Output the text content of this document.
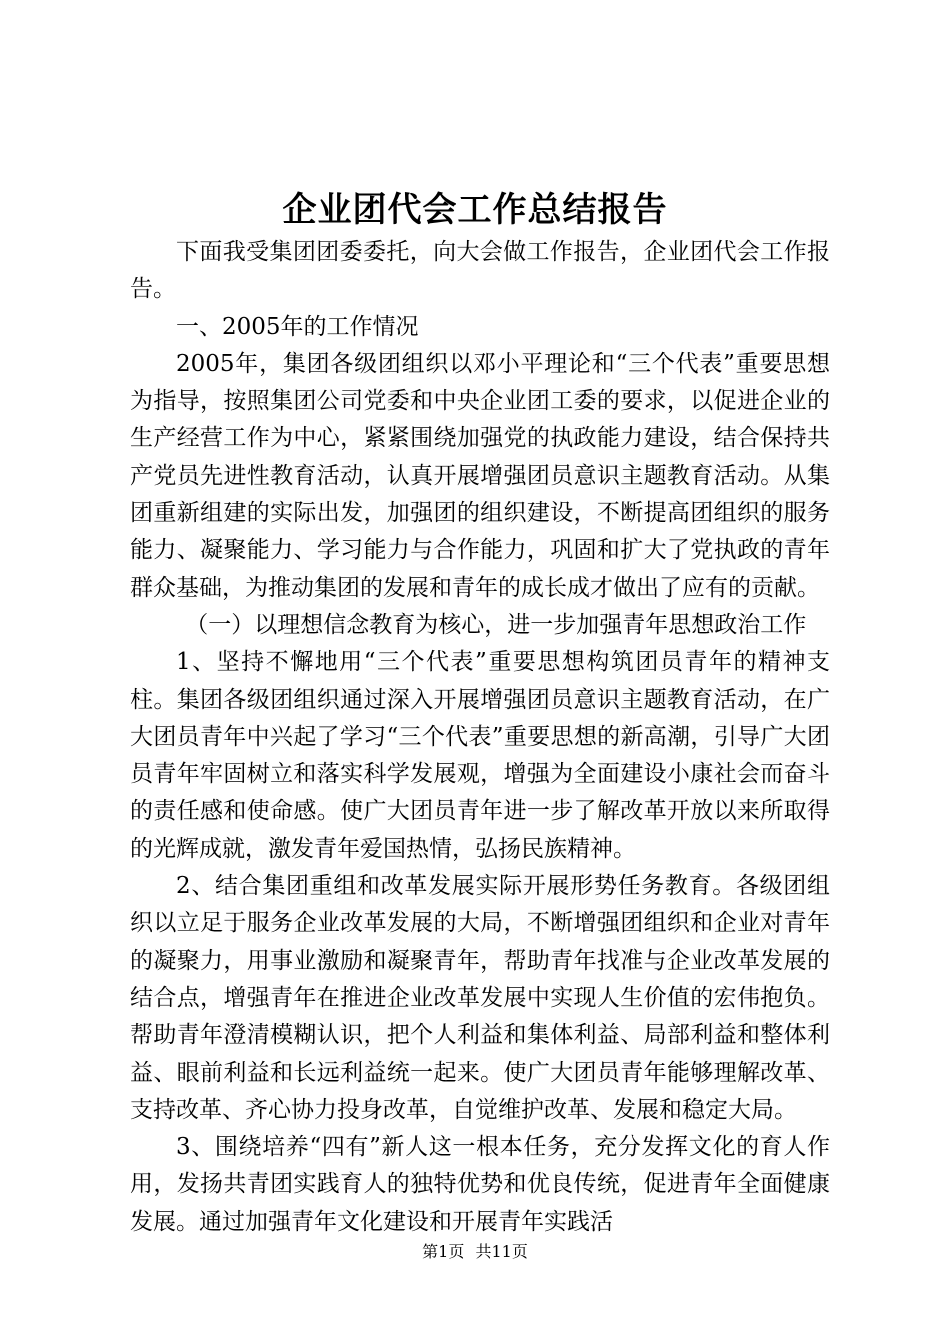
企业团代会工作总结报告

下面我受集团团委委托，向大会做工作报告，企业团代会工作报告。

一、2005年的工作情况

2005年，集团各级团组织以邓小平理论和“三个代表”重要思想为指导，按照集团公司党委和中央企业团工委的要求，以促进企业的生产经营工作为中心，紧紧围绕加强党的执政能力建设，结合保持共产党员先进性教育活动，认真开展增强团员意识主题教育活动。从集团重新组建的实际出发，加强团的组织建设，不断提高团组织的服务能力、凝聚能力、学习能力与合作能力，巩固和扩大了党执政的青年群众基础，为推动集团的发展和青年的成长成才做出了应有的贡献。

（一）以理想信念教育为核心，进一步加强青年思想政治工作

1、坚持不懈地用“三个代表”重要思想构筑团员青年的精神支柱。集团各级团组织通过深入开展增强团员意识主题教育活动，在广大团员青年中兴起了学习“三个代表”重要思想的新高潮，引导广大团员青年牢固树立和落实科学发展观，增强为全面建设小康社会而奋斗的责任感和使命感。使广大团员青年进一步了解改革开放以来所取得的光辉成就，激发青年爱国热情，弘扬民族精神。

2、结合集团重组和改革发展实际开展形势任务教育。各级团组织以立足于服务企业改革发展的大局，不断增强团组织和企业对青年的凝聚力，用事业激励和凝聚青年，帮助青年找准与企业改革发展的结合点，增强青年在推进企业改革发展中实现人生价值的宏伟抱负。帮助青年澄清模糊认识，把个人利益和集体利益、局部利益和整体利益、眼前利益和长远利益统一起来。使广大团员青年能够理解改革、支持改革、齐心协力投身改革，自觉维护改革、发展和稳定大局。

3、围绕培养“四有”新人这一根本任务，充分发挥文化的育人作用，发扬共青团实践育人的独特优势和优良传统，促进青年全面健康发展。通过加强青年文化建设和开展青年实践活

第1页 共11页
